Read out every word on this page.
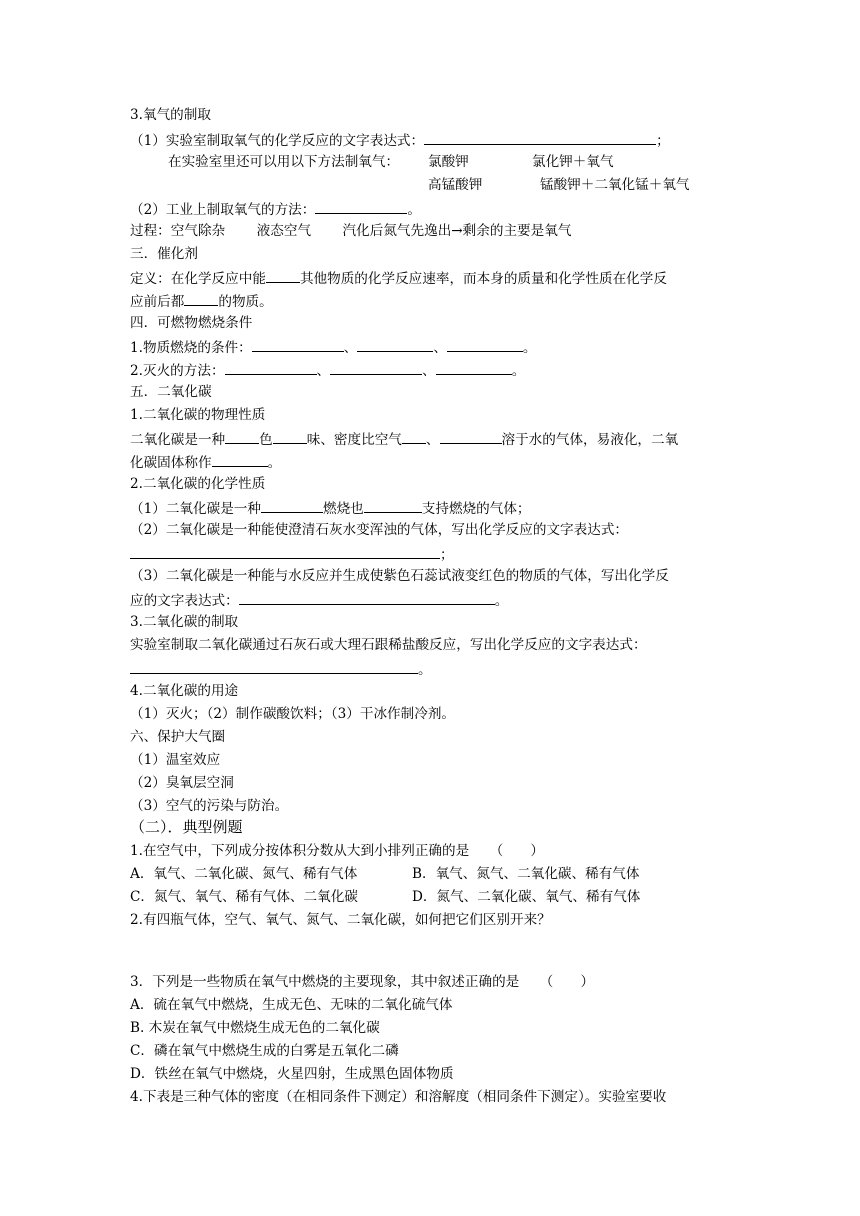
3.氧气的制取
（1）实验室制取氧气的化学反应的文字表达式：	；
在实验室里还可以用以下方法制氧气： 氯酸钾	氯化钾＋氧气
高锰酸钾	锰酸钾＋二氧化锰＋氧气
（2）工业上制取氧气的方法：	。
过程：空气除杂　　 液态空气　　 汽化后氮气先逸出→剩余的主要是氧气
三．催化剂
定义：在化学反应中能	其他物质的化学反应速率，而本身的质量和化学性质在化学反
应前后都	的物质。
四．可燃物燃烧条件
1.物质燃烧的条件：	、	、	。
2.灭火的方法：	、	、	。
五．二氧化碳
1.二氧化碳的物理性质
二氧化碳是一种	色	味、密度比空气 、	溶于水的气体，易液化，二氧
化碳固体称作	。
2.二氧化碳的化学性质
（1）二氧化碳是一种	燃烧也	支持燃烧的气体；
（2）二氧化碳是一种能使澄清石灰水变浑浊的气体，写出化学反应的文字表达式：
；
（3）二氧化碳是一种能与水反应并生成使紫色石蕊试液变红色的物质的气体，写出化学反
应的文字表达式：	。
3.二氧化碳的制取
实验室制取二氧化碳通过石灰石或大理石跟稀盐酸反应，写出化学反应的文字表达式：
。
4.二氧化碳的用途
（1）灭火；（2）制作碳酸饮料；（3）干冰作制冷剂。
六、保护大气圈
（1）温室效应
（2）臭氧层空洞
（3）空气的污染与防治。
（二）．典型例题
1.在空气中，下列成分按体积分数从大到小排列正确的是　　（　　）
A．氧气、二氧化碳、氮气、稀有气体	B．氧气、氮气、二氧化碳、稀有气体
C．氮气、氧气、稀有气体、二氧化碳	D．氮气、二氧化碳、氧气、稀有气体
2.有四瓶气体，空气、氧气、氮气、二氧化碳，如何把它们区别开来？
3．下列是一些物质在氧气中燃烧的主要现象，其中叙述正确的是　　（　　）
A．硫在氧气中燃烧，生成无色、无味的二氧化硫气体
B. 木炭在氧气中燃烧生成无色的二氧化碳
C．磷在氧气中燃烧生成的白雾是五氧化二磷
D．铁丝在氧气中燃烧，火星四射，生成黑色固体物质
4.下表是三种气体的密度（在相同条件下测定）和溶解度（相同条件下测定）。实验室要收
